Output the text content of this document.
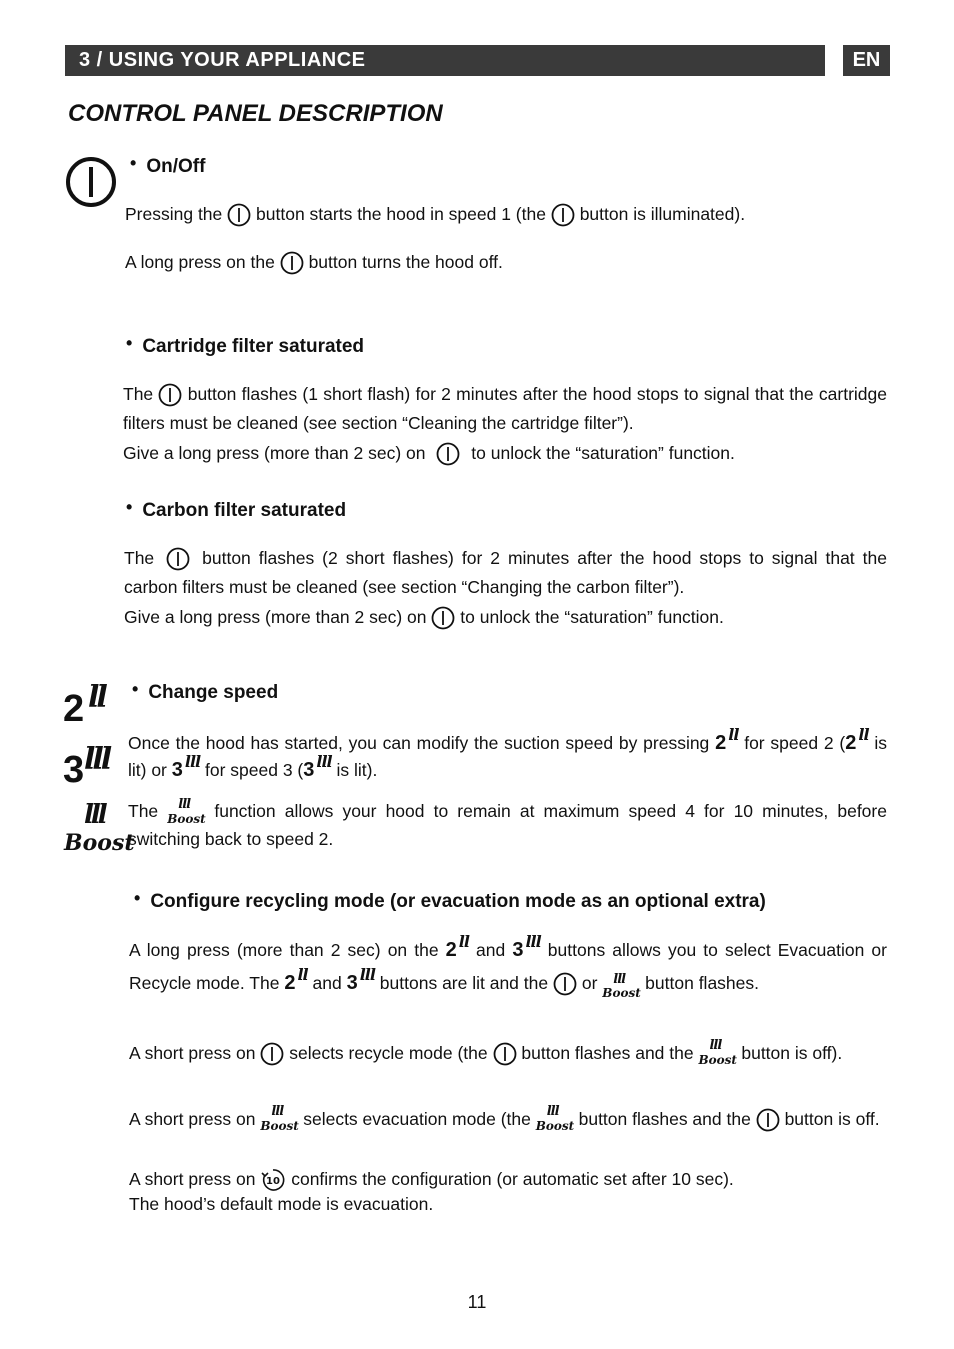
3 / USING YOUR APPLIANCE	EN
CONTROL PANEL DESCRIPTION
2 ll
3 lll
lll
Boost
• On/Off
Pressing the button starts the hood in speed 1 (the button is illuminated).
A long press on the button turns the hood off.
• Cartridge filter saturated
The button flashes (1 short flash) for 2 minutes after the hood stops to signal that the cartridge filters must be cleaned (see section “Cleaning the cartridge filter”).
Give a long press (more than 2 sec) on	to unlock the “saturation” function.
• Carbon filter saturated
The	button flashes (2 short flashes) for 2 minutes after the hood stops to signal that the carbon filters must be cleaned (see section “Changing the carbon filter”).
Give a long press (more than 2 sec) on to unlock the “saturation” function.
• Change speed
Once the hood has started, you can modify the suction speed by pressing 2 ll for speed 2 (2 ll is lit) or 3 lll for speed 3 (3 lll is lit).
The lll
Boost function allows your hood to remain at maximum speed 4 for 10 minutes, before switching back to speed 2.
• Configure recycling mode (or evacuation mode as an optional extra)
A long press (more than 2 sec) on the 2 ll and 3 lll buttons allows you to select Evacuation or Recycle mode. The 2 ll and 3 lll buttons are lit and the or lll
Boost button flashes.
A short press on selects recycle mode (the button flashes and the lll
Boost button is off).
A short press on lll
Boost selects evacuation mode (the lll
Boost button flashes and the button is off.
A short press on 10 confirms the configuration (or automatic set after 10 sec).
The hood’s default mode is evacuation.
11
